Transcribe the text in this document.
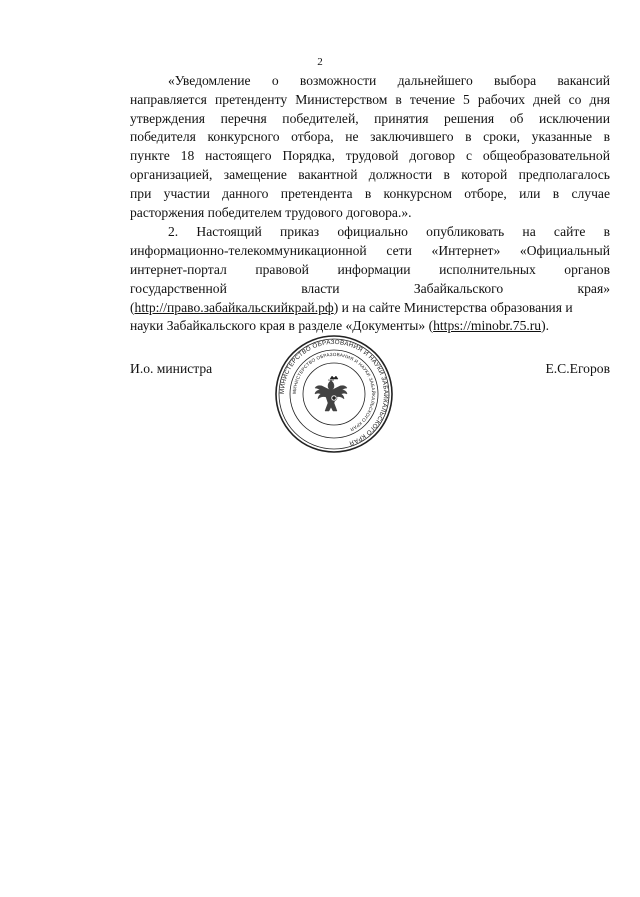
2
«Уведомление о возможности дальнейшего выбора вакансий
направляется претенденту Министерством в течение 5 рабочих дней со дня
утверждения перечня победителей, принятия решения об исключении
победителя конкурсного отбора, не заключившего в сроки, указанные в
пункте 18 настоящего Порядка, трудовой договор с общеобразовательной
организацией, замещение вакантной должности в которой предполагалось
при участии данного претендента в конкурсном отборе, или в случае
расторжения победителем трудового договора.».
2. Настоящий приказ официально опубликовать на сайте в
информационно-телекоммуникационной сети «Интернет» «Официальный
интернет-портал правовой информации исполнительных органов
государственной власти Забайкальского края»
(http://право.забайкальскийкрай.рф) и на сайте Министерства образования и
науки Забайкальского края в разделе «Документы» (https://minobr.75.ru).
И.о. министра	Е.С.Егоров
МИНИСТЕРСТВО ОБРАЗОВАНИЯ И НАУКИ ЗАБАЙКАЛЬСКОГО КРАЯ
МИНИСТЕРСТВО ОБРАЗОВАНИЯ И НАУКИ ЗАБАЙКАЛЬСКОГО КРАЯ
